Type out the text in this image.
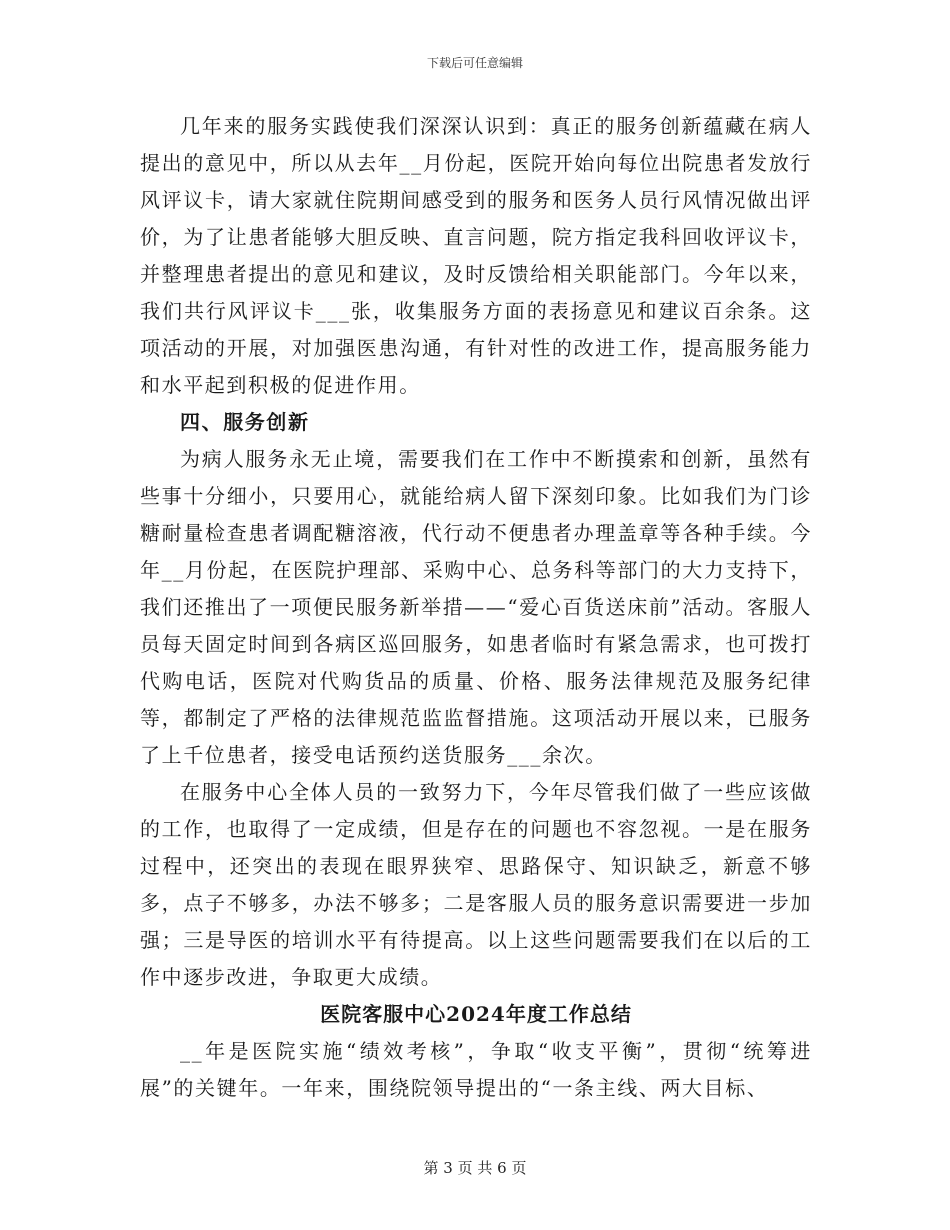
下载后可任意编辑

几年来的服务实践使我们深深认识到：真正的服务创新蕴藏在病人提出的意见中，所以从去年__月份起，医院开始向每位出院患者发放行风评议卡，请大家就住院期间感受到的服务和医务人员行风情况做出评价，为了让患者能够大胆反映、直言问题，院方指定我科回收评议卡，并整理患者提出的意见和建议，及时反馈给相关职能部门。今年以来，我们共行风评议卡___张，收集服务方面的表扬意见和建议百余条。这项活动的开展，对加强医患沟通，有针对性的改进工作，提高服务能力和水平起到积极的促进作用。

四、服务创新

为病人服务永无止境，需要我们在工作中不断摸索和创新，虽然有些事十分细小，只要用心，就能给病人留下深刻印象。比如我们为门诊糖耐量检查患者调配糖溶液，代行动不便患者办理盖章等各种手续。今年__月份起，在医院护理部、采购中心、总务科等部门的大力支持下，我们还推出了一项便民服务新举措——“爱心百货送床前”活动。客服人员每天固定时间到各病区巡回服务，如患者临时有紧急需求，也可拨打代购电话，医院对代购货品的质量、价格、服务法律规范及服务纪律等，都制定了严格的法律规范监监督措施。这项活动开展以来，已服务了上千位患者，接受电话预约送货服务___余次。

在服务中心全体人员的一致努力下，今年尽管我们做了一些应该做的工作，也取得了一定成绩，但是存在的问题也不容忽视。一是在服务过程中，还突出的表现在眼界狭窄、思路保守、知识缺乏，新意不够多，点子不够多，办法不够多；二是客服人员的服务意识需要进一步加强；三是导医的培训水平有待提高。以上这些问题需要我们在以后的工作中逐步改进，争取更大成绩。

医院客服中心2024年度工作总结

__年是医院实施“绩效考核”，争取“收支平衡”，贯彻“统筹进展”的关键年。一年来，围绕院领导提出的“一条主线、两大目标、

第 3 页 共 6 页
